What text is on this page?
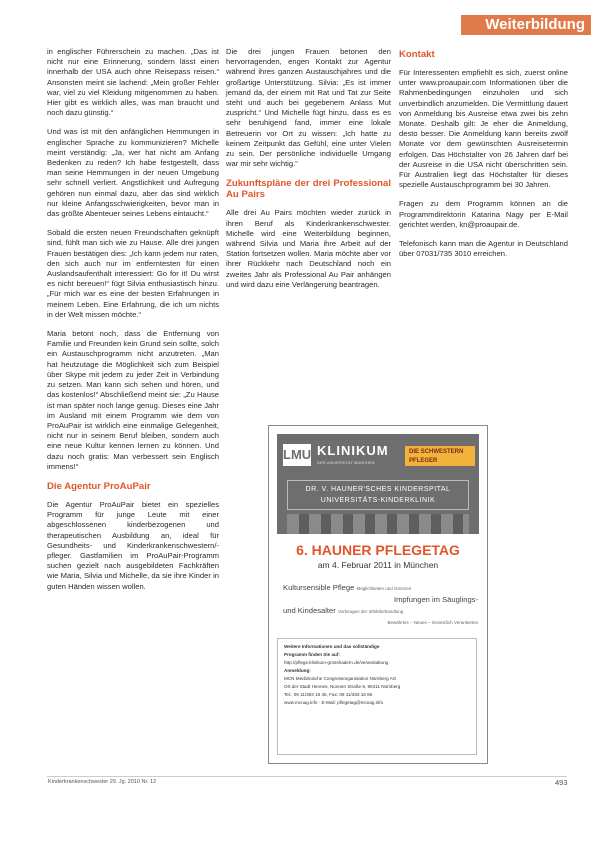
Weiterbildung

in englischer Führerschein zu machen. „Das ist nicht nur eine Erinnerung, sondern lässt einen innerhalb der USA auch ohne Reisepass reisen.“ Ansonsten meint sie lachend: „Mein großer Fehler war, viel zu viel Kleidung mitgenommen zu haben. Hier gibt es wirklich alles, was man braucht und noch dazu günstig.“

Und was ist mit den anfänglichen Hemmungen in englischer Sprache zu kommunizieren? Michelle meint verständig: „Ja, wer hat nicht am Anfang Bedenken zu reden? Ich habe festgestellt, dass man seine Hemmungen in der neuen Umgebung sehr schnell verliert. Angstlichkeit und Aufregung gehören nun einmal dazu, aber das sind wirklich nur kleine Anfangsschwierigkeiten, bevor man in das größte Abenteuer seines Lebens eintaucht.“

Sobald die ersten neuen Freundschaften geknüpft sind, fühlt man sich wie zu Hause. Alle drei jungen Frauen bestätigen dies: „Ich kann jedem nur raten, den sich auch nur im entferntesten für einen Auslandsaufenthalt interessiert: Go for it! Du wirst es nicht bereuen!“ fügt Silvia enthusiastisch hinzu. „Für mich war es eine der besten Erfahrungen in meinem Leben. Eine Erfahrung, die ich um nichts in der Welt missen möchte.“

Maria betont noch, dass die Entfernung von Familie und Freunden kein Grund sein sollte, solch ein Austauschprogramm nicht anzutreten. „Man hat heutzutage die Möglichkeit sich zum Beispiel über Skype mit jedem zu jeder Zeit in Verbindung zu setzen. Man kann sich sehen und hören, und das kostenlos!“ Abschließend meint sie: „Zu Hause ist man später noch lange genug. Dieses eine Jahr im Ausland mit einem Programm wie dem von ProAuPair ist wirklich eine einmalige Gelegenheit, nicht nur in seinem Beruf bleiben, sondern auch eine neue Kultur kennen lernen zu können. Und dazu noch gratis: Man verbessert sein Englisch immens!“

Die Agentur ProAuPair

Die Agentur ProAuPair bietet ein spezielles Programm für junge Leute mit einer abgeschlossenen kinderbezogenen und therapeutischen Ausbildung an, ideal für Gesundheits- und Kinderkrankenschwestern/-pfleger. Gastfamilien im ProAuPair-Programm suchen gezielt nach ausgebildeten Fachkräften wie Maria, Silvia und Michelle, da sie ihre Kinder in guten Händen wissen wollen.

Die drei jungen Frauen betonen den hervorragenden, engen Kontakt zur Agentur während ihres ganzen Austauschjahres und die großartige Unterstützung. Silvia: „Es ist immer jemand da, der einem mit Rat und Tat zur Seite steht und auch bei gegebenem Anlass Mut zuspricht.“ Und Michelle fügt hinzu, dass es es sehr beruhigend fand, immer eine lokale Betreuerin vor Ort zu wissen: „Ich hatte zu keinem Zeitpunkt das Gefühl, eine unter Vielen zu sein. Der persönliche individuelle Umgang war mir sehr wichtig.“

Zukunftspläne der drei Professional Au Pairs

Alle drei Au Pairs möchten wieder zurück in ihren Beruf als Kinderkrankenschwester. Michelle wird eine Weiterbildung beginnen, während Silvia und Maria ihre Arbeit auf der Station fortsetzen wollen. Maria möchte aber vor ihrer Rückkehr nach Deutschland noch ein zweites Jahr als Professional Au Pair anhängen und wird dazu eine Verlängerung beantragen.

Kontakt

Für Interessenten empfiehlt es sich, zuerst online unter www.proaupair.com Informationen über die Rahmenbedingungen einzuholen und sich unverbindlich anzumelden. Die Vermittlung dauert von Anmeldung bis Ausreise etwa zwei bis zehn Monate. Deshalb gilt: Je eher die Anmeldung, desto besser. Die Anmeldung kann bereits zwölf Monate vor dem gewünschten Ausreisetermin erfolgen. Das Höchstalter von 26 Jahren darf bei der Ausreise in die USA nicht überschritten sein. Für Australien liegt das Höchstalter für dieses spezielle Austauschprogramm bei 30 Jahren.

Fragen zu dem Programm können an die Programmdirektorin Katarina Nagy per E-Mail gerichtet werden, kn@proaupair.de.

Telefonisch kann man die Agentur in Deutschland über 07031/735 3010 erreichen.

LMU KLINIKUM
DER UNIVERSITÄT MÜNCHEN
DIE SCHWESTERN PFLEGER
DR. V. HAUNER'SCHES KINDERSPITAL
UNIVERSITÄTS-KINDERKLINIK
6. HAUNER PFLEGETAG
am 4. Februar 2011 in München
Kultursensible Pflege Möglichkeiten und Grenzen
Impfungen im Säuglings-
und Kindesalter Vorbeugen der Infektbehandlung
Bewährtes – Neues – Gesetzlich Verankertes
Weitere Informationen und das vollständige
Programm finden Sie auf:
http://pflege.klinikum-grosshadern.de/veranstaltung
Anmeldung:
MCN Medizinische Congressorganisation Nürnberg AG
Ort der Stadt Hennes, Nonnen Straße 8, 90411 Nürnberg
Tel.: 09 11/393 16 46, Fax: 09 11/393 16 66
www.mcnag.info · E-Mail: pflegetag@mcnag.info
Kinderkrankenschwester 29. Jg. 2010 Nr. 12	493
